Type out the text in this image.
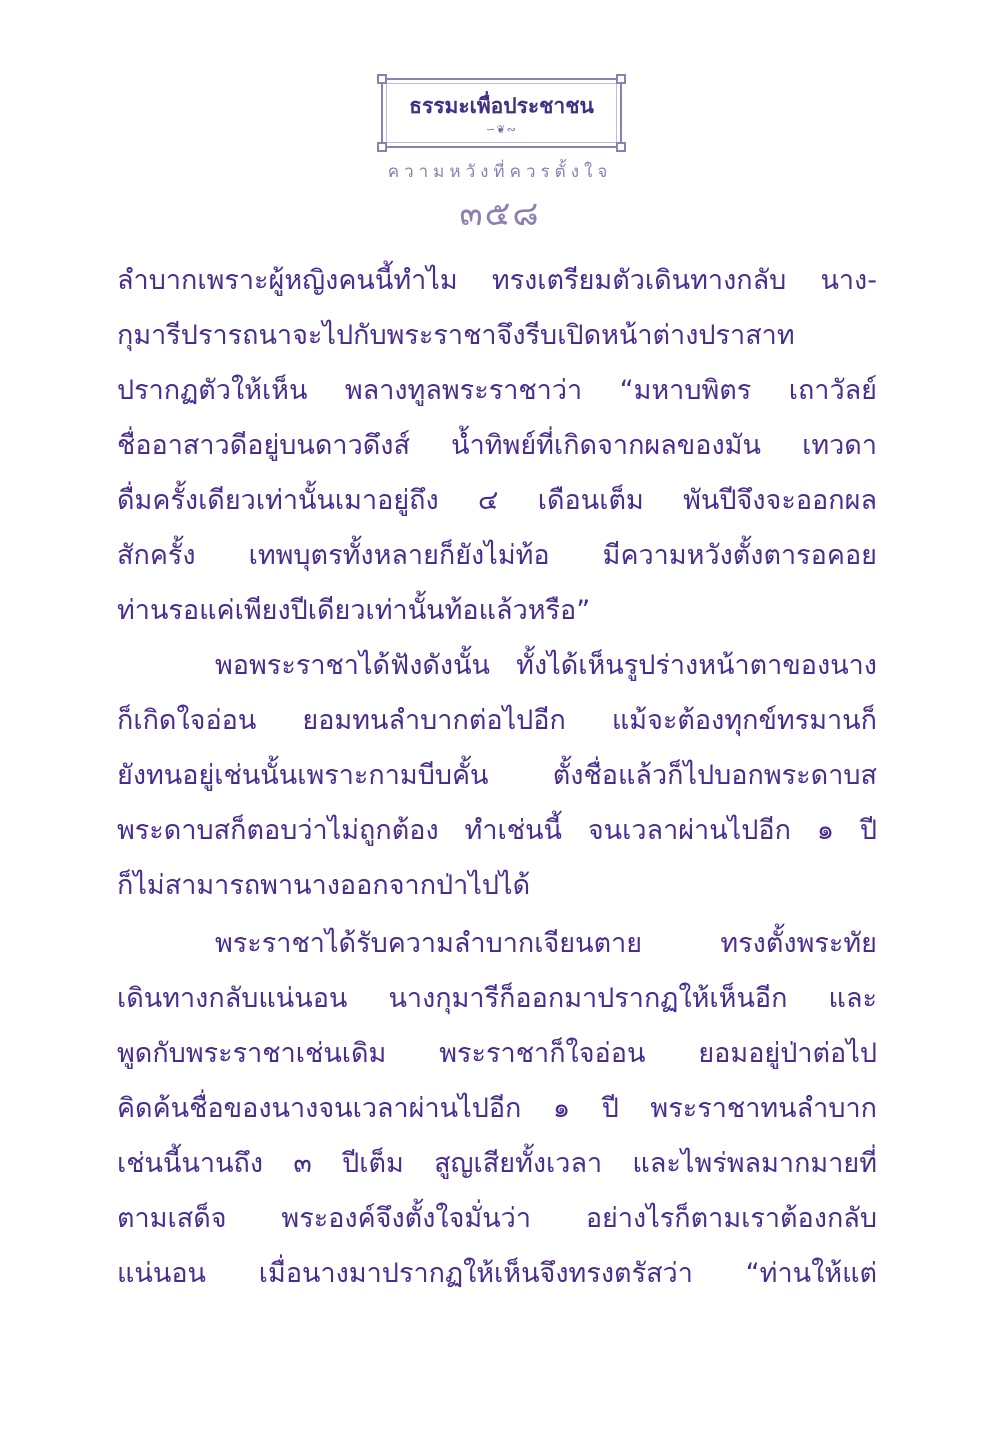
ธรรมะเพื่อประชาชน
∽❦∾
ความหวังที่ควรตั้งใจ
๓๕๘
ลำบากเพราะผู้หญิงคนนี้ทำไม ทรงเตรียมตัวเดินทางกลับ นาง-
กุมารีปรารถนาจะไปกับพระราชาจึงรีบเปิดหน้าต่างปราสาท
ปรากฏตัวให้เห็น พลางทูลพระราชาว่า “มหาบพิตร เถาวัลย์
ชื่ออาสาวดีอยู่บนดาวดึงส์ น้ำทิพย์ที่เกิดจากผลของมัน เทวดา
ดื่มครั้งเดียวเท่านั้นเมาอยู่ถึง ๔ เดือนเต็ม พันปีจึงจะออกผล
สักครั้ง เทพบุตรทั้งหลายก็ยังไม่ท้อ มีความหวังตั้งตารอคอย
ท่านรอแค่เพียงปีเดียวเท่านั้นท้อแล้วหรือ”
พอพระราชาได้ฟังดังนั้น ทั้งได้เห็นรูปร่างหน้าตาของนาง
ก็เกิดใจอ่อน ยอมทนลำบากต่อไปอีก แม้จะต้องทุกข์ทรมานก็
ยังทนอยู่เช่นนั้นเพราะกามบีบคั้น ตั้งชื่อแล้วก็ไปบอกพระดาบส
พระดาบสก็ตอบว่าไม่ถูกต้อง ทำเช่นนี้ จนเวลาผ่านไปอีก ๑ ปี
ก็ไม่สามารถพานางออกจากป่าไปได้
พระราชาได้รับความลำบากเจียนตาย ทรงตั้งพระทัย
เดินทางกลับแน่นอน นางกุมารีก็ออกมาปรากฏให้เห็นอีก และ
พูดกับพระราชาเช่นเดิม พระราชาก็ใจอ่อน ยอมอยู่ป่าต่อไป
คิดค้นชื่อของนางจนเวลาผ่านไปอีก ๑ ปี พระราชาทนลำบาก
เช่นนี้นานถึง ๓ ปีเต็ม สูญเสียทั้งเวลา และไพร่พลมากมายที่
ตามเสด็จ พระองค์จึงตั้งใจมั่นว่า อย่างไรก็ตามเราต้องกลับ
แน่นอน เมื่อนางมาปรากฏให้เห็นจึงทรงตรัสว่า “ท่านให้แต่
